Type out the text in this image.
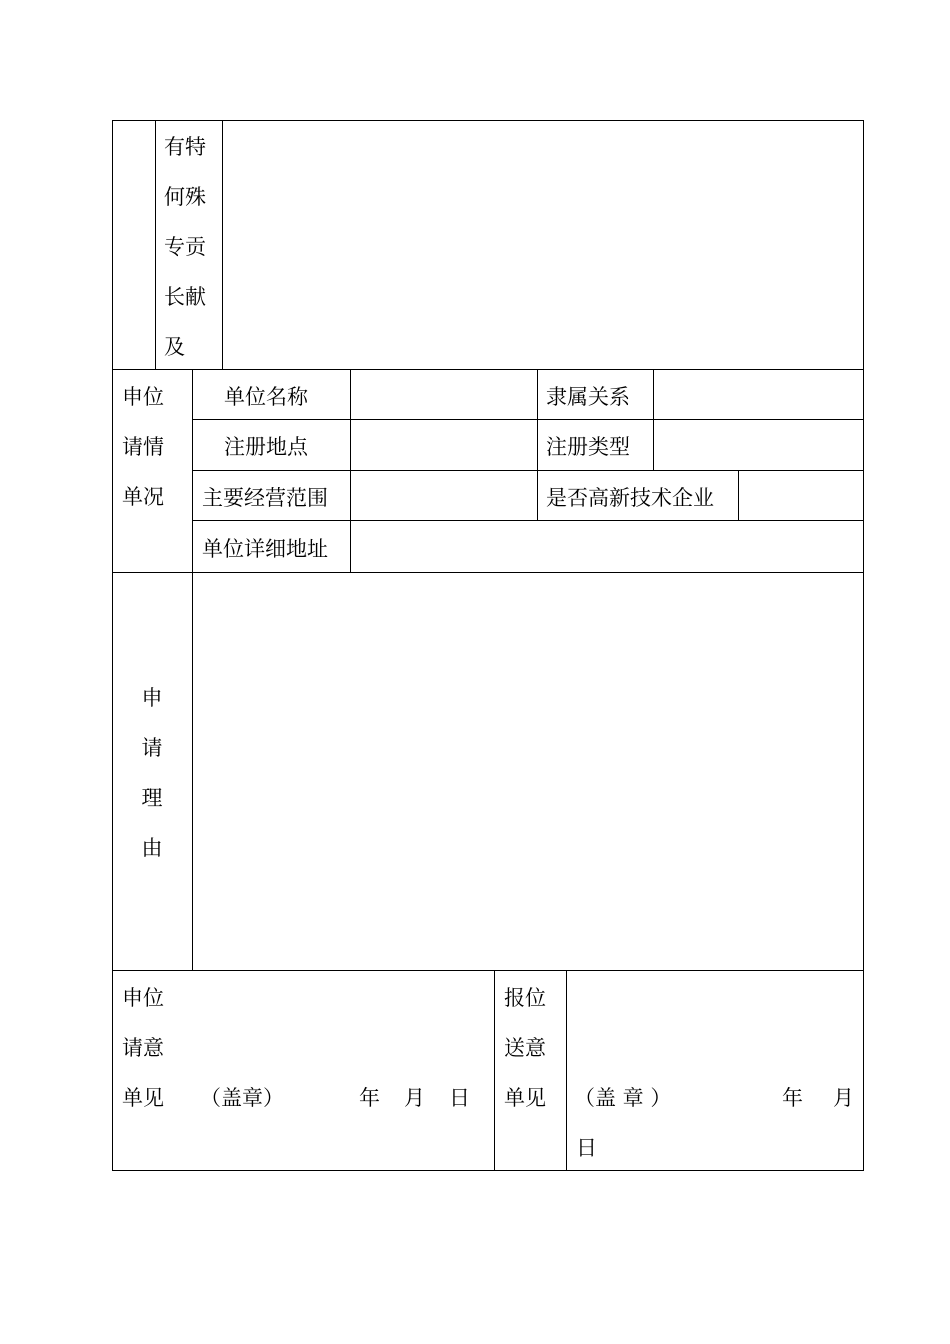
有特
何殊
专贡
长献
及
申位
请情
单况
单位名称	隶属关系
注册地点	注册类型
主要经营范围	是否高新技术企业
单位详细地址
申
请
理
由
申位
请意
单见 （盖章）	年 月 日
报位
送意
单见 （盖 章 ）	年 月
日
